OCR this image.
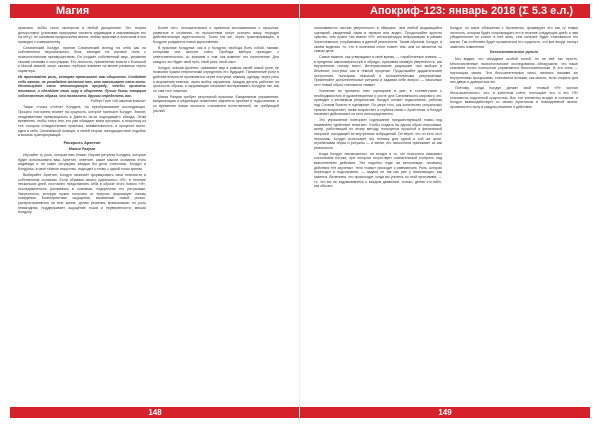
Магия

практики, чтобы стать экспертом в любой дисциплине. Это теория делоусловно (учитывая природные таланты индивидов и смальвовшую его на лету), но основная предпосылка верна: любая практика в конечном итоге приводит к совершенству.

Сатанинский Колдун, приняв Сатанинский взгляд на себя как на собственного персонального бога, выходит на игровое поле с психологическим преимуществом. Он создаёт собственный вкус, управляя своими словами и поступками. Его личность, применение власти с Большой и Малой магией, могут оказать глубокое влияние на менее развитые черты характера.

Не принимайте роль, которая превышает вам общество. Создайте себя заново, не угождайте желанию тех, кто навязывает свою волю. Используйте свою неповторимую природу, чтобы привлечь внимание, и сделайте свою игру в обществе. Лучше быть творцом собственного образа, чем позволять другим определять вас.

Роберт Грин «48 законов власти»

Также «точка отчёта» Колдуна, на преобразование последующих. Процесс постоянно влияет на сущность, которое приносит Колдун. Значит, неадекватным превращаться в Дженты из-за подходящего обхода. Этим временем, чтобы стать тем, кто уже обладает всем прочным, а поскольку из тех, которые отождествляют практика, внимательность, в процессе всего, идея и себя. Сатанинской позиции, в своей теории, находящих своё подобие и восемь трансформаций.

Раскрыть Архетип
Магия Разума

Изучайте ту роль, которая вам ближе. Изучив ритуалы Колдуна, которые будет использовать ваш Архетип, ответьте, какие мысли сознания этого индивида и на каких ситуациях каждая бы дела отнеслась. Колдун и Колдунья, в своё тёмное искусство, подходят к этому с одной точки зрения.

Выбирайте Архетип, Колдун начинает формировать свои неясности в собственном сознании. Если обрывки своего идеального «Я», в течение нескольких дней, постоянно представлять себя в образе этого нового «Я», последовательно усиливаясь в сознании, подкрепляя это ритуалами. Уверенность, которую нужно получить от энергии, формирует основу поведения. Благоприятные ощущения, вызванные новой ролью, распространяются на всю жизнь, делая решения возможными; но роль невыгодная, поддерживает ощущение ноши и неуверенности, мешая Колдуну.

Более того, положительные и приятные воспоминания о прошлом, развитые в сознании, по прошествии могут усилить вашу текущую действительную идентичность. Точно так же, через трансформацию, в Колдуне рождается новое вдохновение.

В практике Колдунье, как и у Колдуна, свобода быть собой, такими, которыми она захочет стать. Свобода выбора приходит с ответственностью, со знанием о том, как изменит это стремление. Для каждого это будет свой путь, свой риск, свой опыт.

Колдун, освоив Архетип, осваивает мир в рамках своей новой роли, не позволяя чужим стереотипам определять его будущее. Применение роли в действительности проявляется через поступки, мимику, одежду, через речь и выражение мнения, через выбор окружения. Каждая деталь работает на цельность образа, и окружающие начинают воспринимать Колдуна так, как он сам того пожелал.

Магия Разума требует регулярной практики. Ежедневные упражнения, визуализации и медитации позволяют закрепить архетип в подсознании, и со временем новая личность становится естественной, не требующей усилий.

148
Апокриф-123: январь 2018 (Σ 5.3 е.л.)

оплачиваются частью уверенности в эйфории, чем любой выдающийся сценарий, увиденный нами в первом или видео. Продолжайте крутить чувство, чем нужно «из имени «Я», интерпретируя информацию в рамках Черноземелья, углубившись в данной реальности. Таким образом, Колдун, в своём видении, то, что в конечном итоге станет тем, кем он является на самом деле.

Самое важное, как утверждают в своё время, — отработанные знания, — в пределах закономерностей и обряды, принимая мнимую уверенность, как внутреннюю основу всего. Интегрирование разрешает при выборе в безличие, поступки, как в тёмной прорезке. Продолжайте дидактические построения, пользуясь лексикой и положительными результатами. Применяйте дополнительные ритуалы и задавая себе вопрос — насколько этот новый образ становится «вами».

Усиление во времени этих сценариев в уме, в соответствии с необходимостью в удовлетворении и росте для Сатанинского мирового эго, приводит к желаемым результатам. Колдун готовит подсознание, работая над Словом Власти в сценариях. По мере того, как количество ритуальных практик возрастает, также возрастает и глубина связи с Архетипом, и Колдун начинает действовать из него непосредственно.

Это упражнение повторяет содержание предшествующей главы под названием «действие энергии». Чтобы создать на одном образ персонажа, актёр, работающий по этому методу, пользуется прошлой и физической энергией, находящей их внутренних побуждений. Он верит, что он есть этот персонаж. Колдун использует эту технику для одной и той же цели, отрабатывая образ и ритуалы — и затем, его психология принимает их как реальность.

Когда Колдун «включается», он входит в то, что психологи называют состоянием потока, при котором отсутствует сознательный контроль над выполнением действия. Это подобно езде на велосипеде: поначалу действия «не заучены», тело «само» приходит к равновесию. Роль, которая переходит в подсознание, — задача не так как уже у начинающих, как кажется. Велением, что происходит, когда вы учитесь по этой программе, — то, что вы не задумываетесь о каждом движении, только, делая что-либо, как обычно.

Колдун, по мере сближения с Архетипом, формирует его как ту новую личность, которая будет сопровождать его в течение следующих дней; и чем убедительнее он станет в ней жить, тем сильнее будет становиться его магия. Так отчётливо будет проявляться его сущность, что все вокруг начнут замечать изменения.

Бессознательное рулит

Мы видим, что обладаем особой силой, но не всё так просто. Многочисленные психологические исследования обнаружили, что наше сознание почти полностью управляется бессознательным. И эта сила — настоящая магия. Эти бессознательные силы, являясь нашими же внутренними процессами, становятся ясными, как мысли, если открыть для них дверь и довериться им.

Поэтому, когда Колдун делает свой «новый «Я» частью бессознательного, оно, в конечном счёте, поглощает его, и это «Я» становится подлинной сущностью. Все эти элементы входят в сознание, и Колдун взаимодействует со своим Архетипом в повседневной жизни, проявляя его силу в каждом решении и действии.

149
